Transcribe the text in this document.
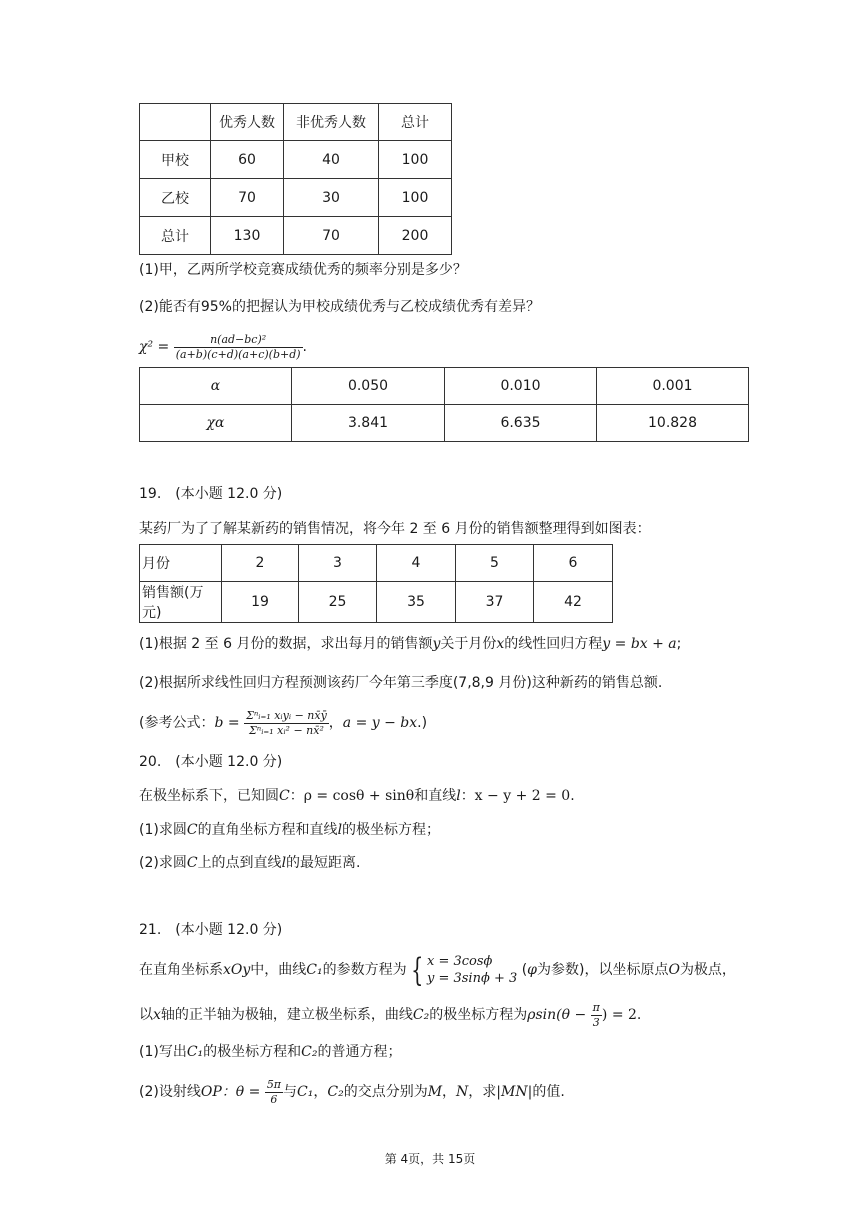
	优秀人数	非优秀人数	总计
甲校	60	40	100
乙校	70	30	100
总计	130	70	200
(1)甲，乙两所学校竞赛成绩优秀的频率分别是多少？
(2)能否有95%的把握认为甲校成绩优秀与乙校成绩优秀有差异？
$\chi^2 = \frac{\text{n(ad−bc)²}}{(a+b)(c+d)(a+c)(b+d)}$ .
α	0.050	0.010	0.001
χα	3.841	6.635	10.828
19.　(本小题 12.0 分)
某药厂为了了解某新药的销售情况，将今年 2 至 6 月份的销售额整理得到如图表：
月份	2	3	4	5	6
销售额(万元)	19	25	35	37	42
(1)根据 2 至 6 月份的数据，求出每月的销售额y关于月份x的线性回归方程y = bx + a;
(2)根据所求线性回归方程预测该药厂今年第三季度(7,8,9 月份)这种新药的销售总额.
(参考公式：$b = \frac{\text{Σⁿᵢ₌₁ xᵢyᵢ − nx̄ȳ}}{\text{Σⁿᵢ₌₁ xᵢ² − nx̄²}}$ ，a = y − bx.)
20.　(本小题 12.0 分)
在极坐标系下，已知圆C：ρ = cosθ + sinθ和直线l：x − y + 2 = 0.
(1)求圆C的直角坐标方程和直线l的极坐标方程；
(2)求圆C上的点到直线l的最短距离.
21.　(本小题 12.0 分)
在直角坐标系xOy中，曲线C₁的参数方程为 { x = 3cosϕ
y = 3sinϕ + 3
(φ为参数)，以坐标原点O为极点，
以x轴的正半轴为极轴，建立极坐标系，曲线C₂的极坐标方程为$\rho\sin(\theta - \frac{\pi}{3}$ ) = 2.
(1)写出C₁的极坐标方程和C₂的普通方程；
(2)设射线OP：$\theta = \frac{5\pi}{6}$ 与C₁，C₂的交点分别为M，N，求|MN|的值.
第 4页，共 15页
